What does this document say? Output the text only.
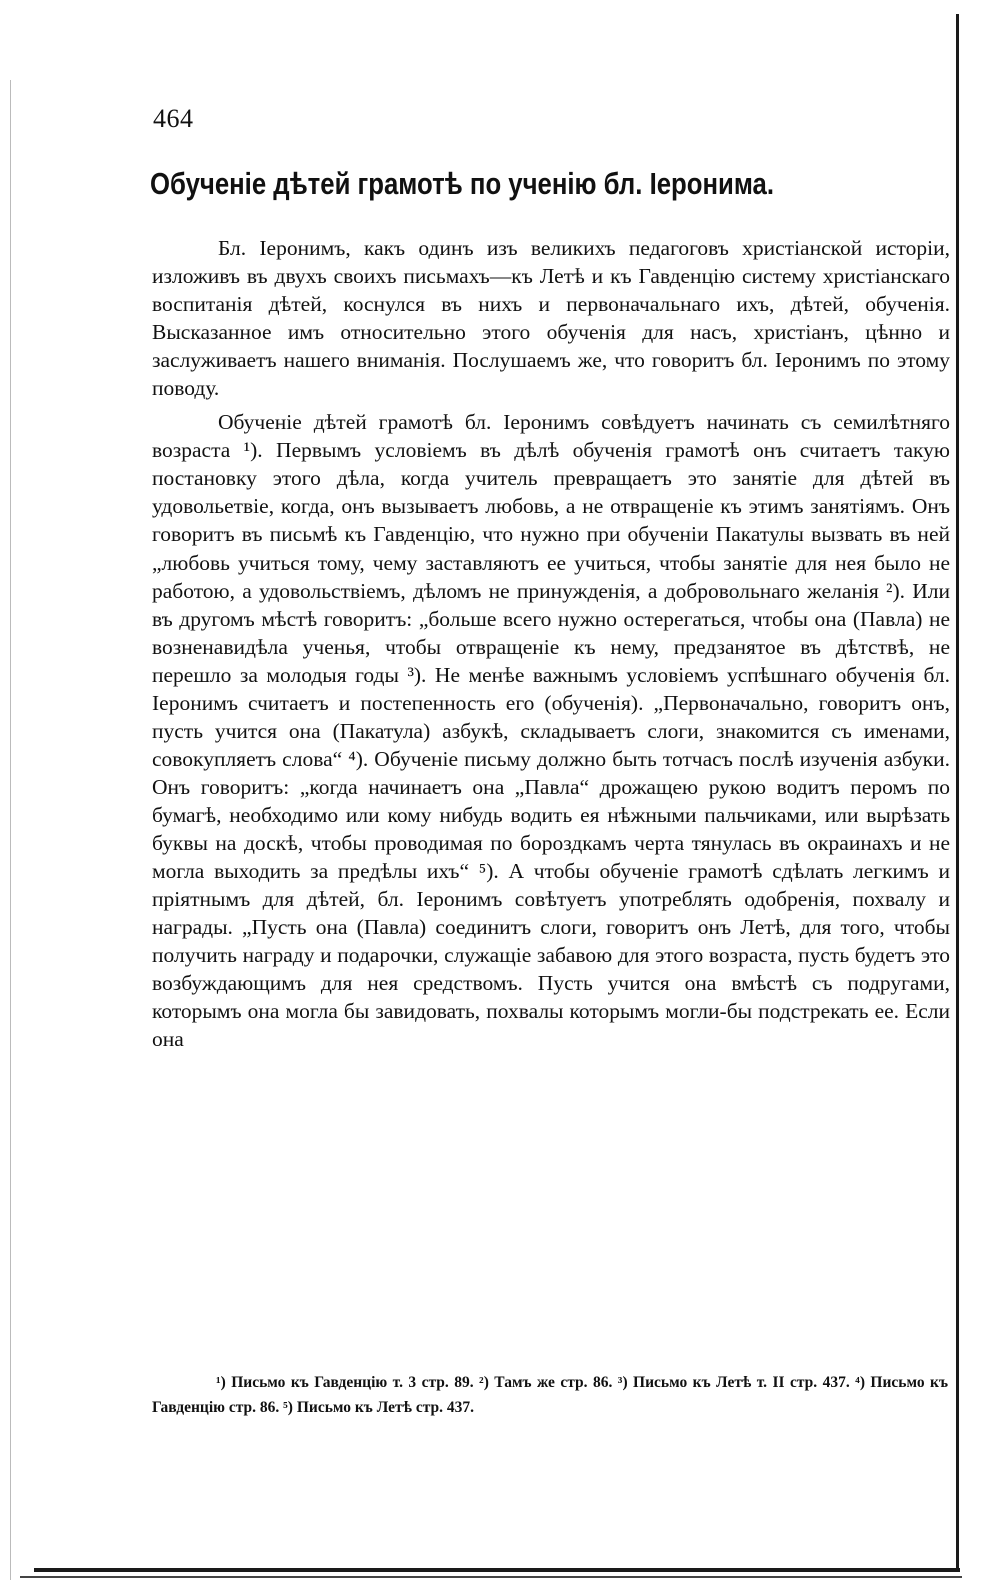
464
Обученіе дѣтей грамотѣ по ученію бл. Іеронима.

Бл. Іеронимъ, какъ одинъ изъ великихъ педагоговъ христіанской исторіи, изложивъ въ двухъ своихъ письмахъ—къ Летѣ и къ Гавденцію систему христіанскаго воспитанія дѣтей, коснулся въ нихъ и первоначальнаго ихъ, дѣтей, обученія. Высказанное имъ относительно этого обученія для насъ, христіанъ, цѣнно и заслуживаетъ нашего вниманія. Послушаемъ же, что говоритъ бл. Іеронимъ по этому поводу.

Обученіе дѣтей грамотѣ бл. Іеронимъ совѣдуетъ начинать съ семилѣтняго возраста ¹). Первымъ условіемъ въ дѣлѣ обученія грамотѣ онъ считаетъ такую постановку этого дѣла, когда учитель превращаетъ это занятіе для дѣтей въ удовольетвіе, когда, онъ вызываетъ любовь, а не отвращеніе къ этимъ занятіямъ. Онъ говоритъ въ письмѣ къ Гавденцію, что нужно при обученіи Пакатулы вызвать въ ней „любовь учиться тому, чему заставляютъ ее учиться, чтобы занятіе для нея было не работою, а удовольствіемъ, дѣломъ не принужденія, а добровольнаго желанія ²). Или въ другомъ мѣстѣ говоритъ: „больше всего нужно остерегаться, чтобы она (Павла) не возненавидѣла ученья, чтобы отвращеніе къ нему, предзанятое въ дѣтствѣ, не перешло за молодыя годы ³). Не менѣе важнымъ условіемъ успѣшнаго обученія бл. Іеронимъ считаетъ и постепенность его (обученія). „Первоначально, говоритъ онъ, пусть учится она (Пакатула) азбукѣ, складываетъ слоги, знакомится съ именами, совокупляетъ слова“ ⁴). Обученіе письму должно быть тотчасъ послѣ изученія азбуки. Онъ говоритъ: „когда начинаетъ она „Павла“ дрожащею рукою водитъ перомъ по бумагѣ, необходимо или кому нибудь водить ея нѣжными пальчиками, или вырѣзать буквы на доскѣ, чтобы проводимая по бороздкамъ черта тянулась въ окраинахъ и не могла выходить за предѣлы ихъ“ ⁵). А чтобы обученіе грамотѣ сдѣлать легкимъ и пріятнымъ для дѣтей, бл. Іеронимъ совѣтуетъ употреблять одобренія, похвалу и награды. „Пусть она (Павла) соединитъ слоги, говоритъ онъ Летѣ, для того, чтобы получить награду и подарочки, служащіе забавою для этого возраста, пусть будетъ это возбуждающимъ для нея средствомъ. Пусть учится она вмѣстѣ съ подругами, которымъ она могла бы завидовать, похвалы которымъ могли-бы подстрекать ее. Если она

¹) Письмо къ Гавденцію т. 3 стр. 89. ²) Тамъ же стр. 86. ³) Письмо къ Летѣ т. II стр. 437. ⁴) Письмо къ Гавденцію стр. 86. ⁵) Письмо къ Летѣ стр. 437.
